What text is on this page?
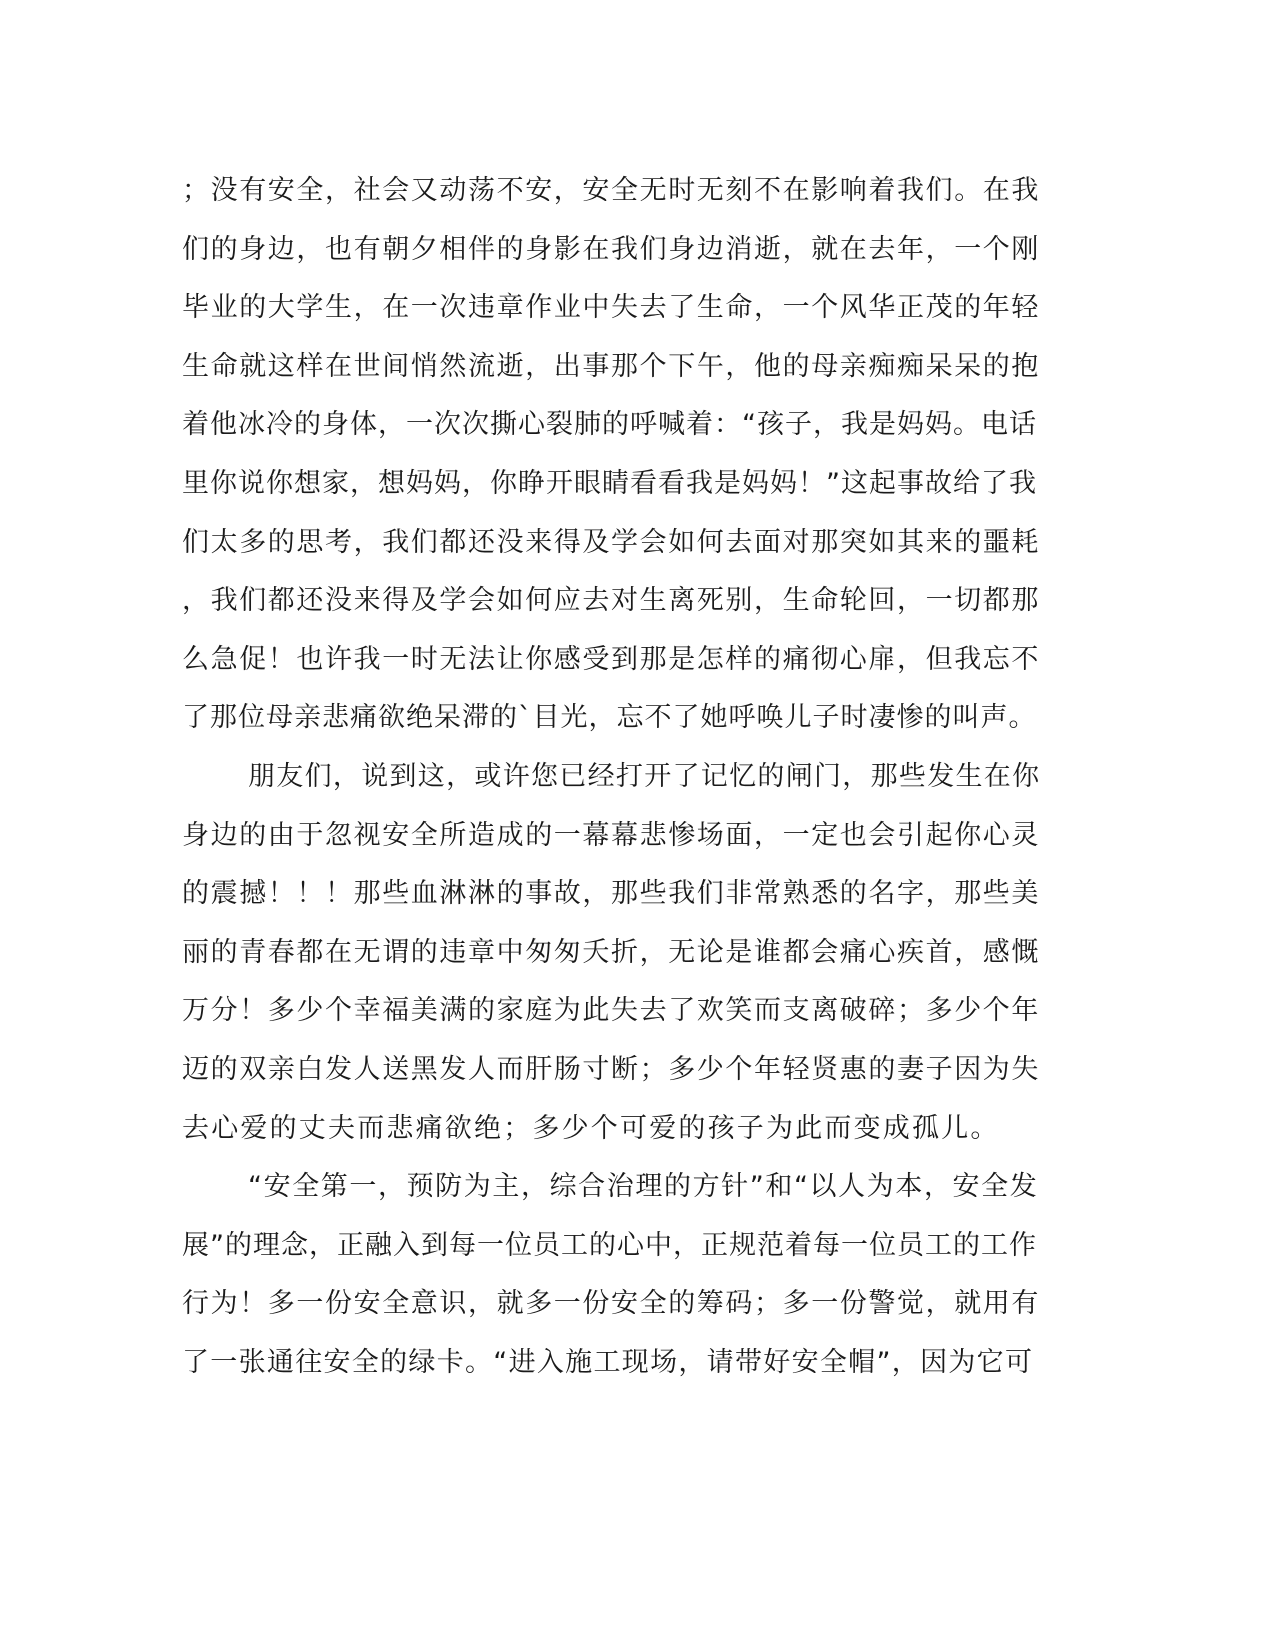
；没有安全，社会又动荡不安，安全无时无刻不在影响着我们。在我
们的身边，也有朝夕相伴的身影在我们身边消逝，就在去年，一个刚
毕业的大学生，在一次违章作业中失去了生命，一个风华正茂的年轻
生命就这样在世间悄然流逝，出事那个下午，他的母亲痴痴呆呆的抱
着他冰冷的身体，一次次撕心裂肺的呼喊着：“孩子，我是妈妈。电话
里你说你想家，想妈妈，你睁开眼睛看看我是妈妈！”这起事故给了我
们太多的思考，我们都还没来得及学会如何去面对那突如其来的噩耗
，我们都还没来得及学会如何应去对生离死别，生命轮回，一切都那
么急促！也许我一时无法让你感受到那是怎样的痛彻心扉，但我忘不
了那位母亲悲痛欲绝呆滞的`目光，忘不了她呼唤儿子时凄惨的叫声。
朋友们，说到这，或许您已经打开了记忆的闸门，那些发生在你
身边的由于忽视安全所造成的一幕幕悲惨场面，一定也会引起你心灵
的震撼！！！那些血淋淋的事故，那些我们非常熟悉的名字，那些美
丽的青春都在无谓的违章中匆匆夭折，无论是谁都会痛心疾首，感慨
万分！多少个幸福美满的家庭为此失去了欢笑而支离破碎；多少个年
迈的双亲白发人送黑发人而肝肠寸断；多少个年轻贤惠的妻子因为失
去心爱的丈夫而悲痛欲绝；多少个可爱的孩子为此而变成孤儿。
“安全第一，预防为主，综合治理的方针”和“以人为本，安全发
展”的理念，正融入到每一位员工的心中，正规范着每一位员工的工作
行为！多一份安全意识，就多一份安全的筹码；多一份警觉，就用有
了一张通往安全的绿卡。“进入施工现场，请带好安全帽”，因为它可
